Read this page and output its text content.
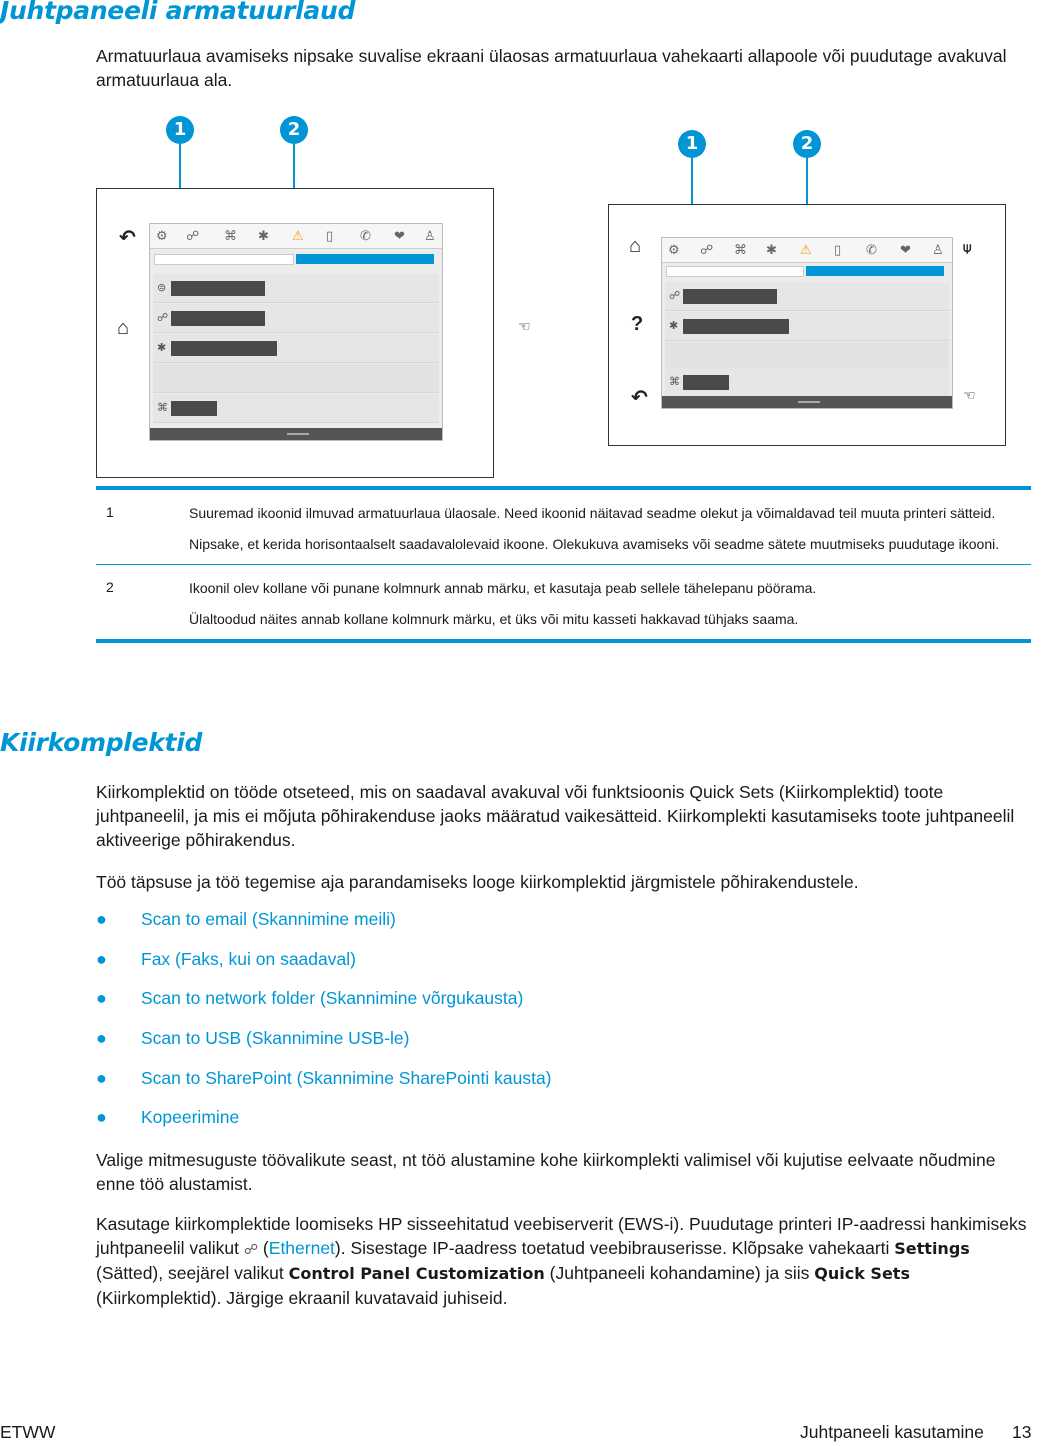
Juhtpaneeli armatuurlaud

Armatuurlaua avamiseks nipsake suvalise ekraani ülaosas armatuurlaua vahekaarti allapoole või puudutage avakuval armatuurlaua ala.

1	2
↶
⌂
⚙ ☍ ⌘ ✱ ⚠ ▯ ✆ ❤ ♙
⊜
☍
✱
⌘
☜
1	2
⌂
?
↶
⍦
☜
⚙ ☍ ⌘ ✱ ⚠ ▯ ✆ ❤ ♙
☍
✱
⌘
1	Suuremad ikoonid ilmuvad armatuurlaua ülaosale. Need ikoonid näitavad seadme olekut ja võimaldavad teil muuta printeri sätteid.

Nipsake, et kerida horisontaalselt saadavalolevaid ikoone. Olekukuva avamiseks või seadme sätete muutmiseks puudutage ikooni.

2	Ikoonil olev kollane või punane kolmnurk annab märku, et kasutaja peab sellele tähelepanu pöörama.

Ülaltoodud näites annab kollane kolmnurk märku, et üks või mitu kasseti hakkavad tühjaks saama.

Kiirkomplektid

Kiirkomplektid on tööde otseteed, mis on saadaval avakuval või funktsioonis Quick Sets (Kiirkomplektid) toote juhtpaneelil, ja mis ei mõjuta põhirakenduse jaoks määratud vaikesätteid. Kiirkomplekti kasutamiseks toote juhtpaneelil aktiveerige põhirakendus.

Töö täpsuse ja töö tegemise aja parandamiseks looge kiirkomplektid järgmistele põhirakendustele.

● Scan to email (Skannimine meili)
● Fax (Faks, kui on saadaval)
● Scan to network folder (Skannimine võrgukausta)
● Scan to USB (Skannimine USB-le)
● Scan to SharePoint (Skannimine SharePointi kausta)
● Kopeerimine

Valige mitmesuguste töövalikute seast, nt töö alustamine kohe kiirkomplekti valimisel või kujutise eelvaate nõudmine enne töö alustamist.

Kasutage kiirkomplektide loomiseks HP sisseehitatud veebiserverit (EWS-i). Puudutage printeri IP-aadressi hankimiseks juhtpaneelil valikut ☍ (Ethernet). Sisestage IP-aadress toetatud veebibrauserisse. Klõpsake vahekaarti Settings (Sätted), seejärel valikut Control Panel Customization (Juhtpaneeli kohandamine) ja siis Quick Sets (Kiirkomplektid). Järgige ekraanil kuvatavaid juhiseid.

ETWW	Juhtpaneeli kasutamine 13
